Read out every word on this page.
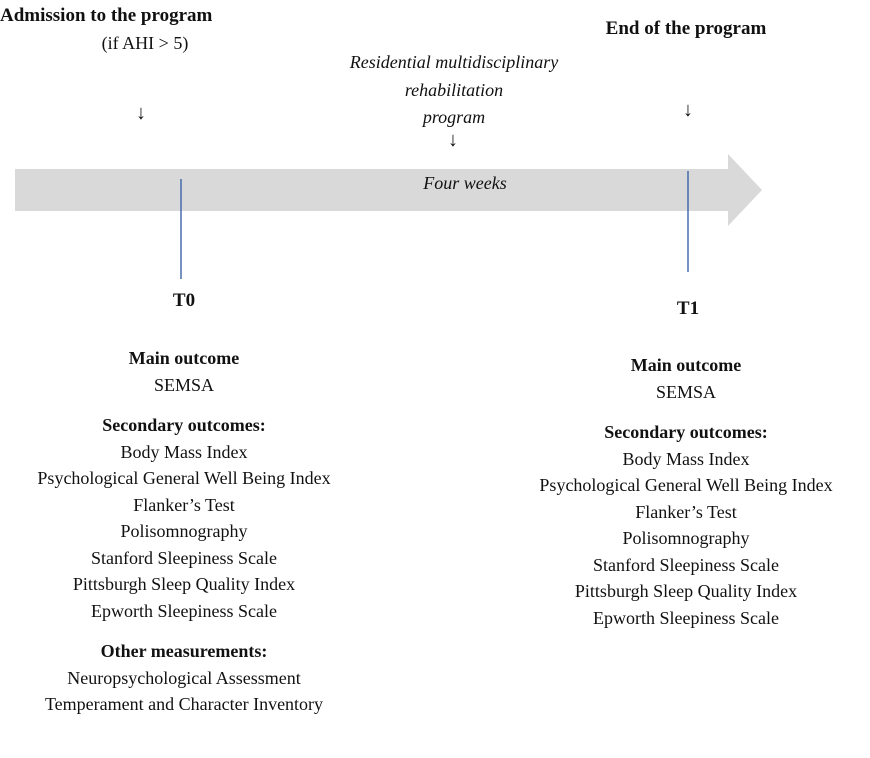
Admission to the program
(if AHI > 5)
↓
End of the program
↓
Residential multidisciplinary
rehabilitation
program
↓
Four weeks
T0	T1
Main outcome
SEMSA
Secondary outcomes:
Body Mass Index
Psychological General Well Being Index
Flanker’s Test
Polisomnography
Stanford Sleepiness Scale
Pittsburgh Sleep Quality Index
Epworth Sleepiness Scale
Other measurements:
Neuropsychological Assessment
Temperament and Character Inventory
Main outcome
SEMSA
Secondary outcomes:
Body Mass Index
Psychological General Well Being Index
Flanker’s Test
Polisomnography
Stanford Sleepiness Scale
Pittsburgh Sleep Quality Index
Epworth Sleepiness Scale
